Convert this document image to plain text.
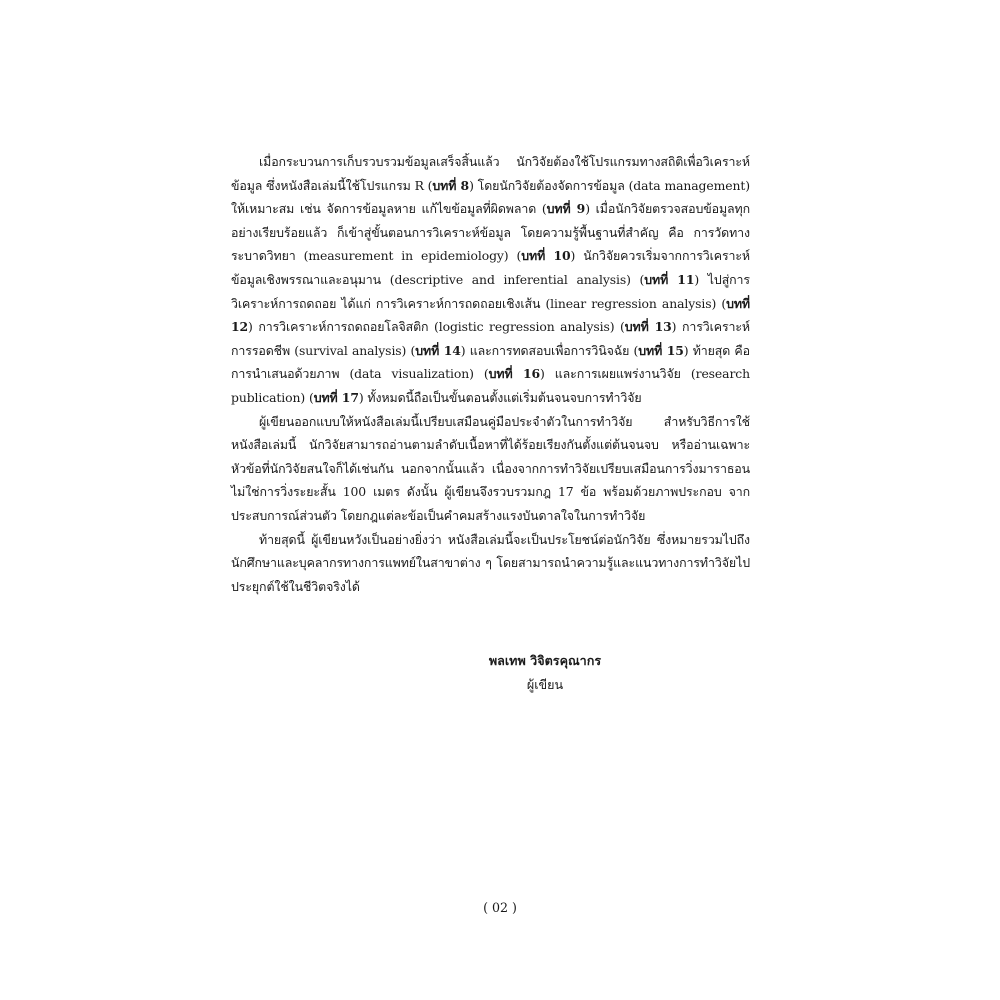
เมื่อกระบวนการเก็บรวบรวมข้อมูลเสร็จสิ้นแล้ว นักวิจัยต้องใช้โปรแกรมทางสถิติเพื่อวิเคราะห์ข้อมูล ซึ่งหนังสือเล่มนี้ใช้โปรแกรม R (บทที่ 8) โดยนักวิจัยต้องจัดการข้อมูล (data management) ให้เหมาะสม เช่น จัดการข้อมูลหาย แก้ไขข้อมูลที่ผิดพลาด (บทที่ 9) เมื่อนักวิจัยตรวจสอบข้อมูลทุกอย่างเรียบร้อยแล้ว ก็เข้าสู่ขั้นตอนการวิเคราะห์ข้อมูล โดยความรู้พื้นฐานที่สำคัญ คือ การวัดทางระบาดวิทยา (measurement in epidemiology) (บทที่ 10) นักวิจัยควรเริ่มจากการวิเคราะห์ข้อมูลเชิงพรรณาและอนุมาน (descriptive and inferential analysis) (บทที่ 11) ไปสู่การวิเคราะห์การถดถอย ได้แก่ การวิเคราะห์การถดถอยเชิงเส้น (linear regression analysis) (บทที่ 12) การวิเคราะห์การถดถอยโลจิสติก (logistic regression analysis) (บทที่ 13) การวิเคราะห์การรอดชีพ (survival analysis) (บทที่ 14) และการทดสอบเพื่อการวินิจฉัย (บทที่ 15) ท้ายสุด คือ การนำเสนอด้วยภาพ (data visualization) (บทที่ 16) และการเผยแพร่งานวิจัย (research publication) (บทที่ 17) ทั้งหมดนี้ถือเป็นขั้นตอนตั้งแต่เริ่มต้นจนจบการทำวิจัย

ผู้เขียนออกแบบให้หนังสือเล่มนี้เปรียบเสมือนคู่มือประจำตัวในการทำวิจัย สำหรับวิธีการใช้หนังสือเล่มนี้ นักวิจัยสามารถอ่านตามลำดับเนื้อหาที่ได้ร้อยเรียงกันตั้งแต่ต้นจนจบ หรืออ่านเฉพาะหัวข้อที่นักวิจัยสนใจก็ได้เช่นกัน นอกจากนั้นแล้ว เนื่องจากการทำวิจัยเปรียบเสมือนการวิ่งมาราธอน ไม่ใช่การวิ่งระยะสั้น 100 เมตร ดังนั้น ผู้เขียนจึงรวบรวมกฎ 17 ข้อ พร้อมด้วยภาพประกอบ จากประสบการณ์ส่วนตัว โดยกฎแต่ละข้อเป็นคำคมสร้างแรงบันดาลใจในการทำวิจัย

ท้ายสุดนี้ ผู้เขียนหวังเป็นอย่างยิ่งว่า หนังสือเล่มนี้จะเป็นประโยชน์ต่อนักวิจัย ซึ่งหมายรวมไปถึงนักศึกษาและบุคลากรทางการแพทย์ในสาขาต่าง ๆ โดยสามารถนำความรู้และแนวทางการทำวิจัยไปประยุกต์ใช้ในชีวิตจริงได้

พลเทพ วิจิตรคุณากร
ผู้เขียน
( 02 )
